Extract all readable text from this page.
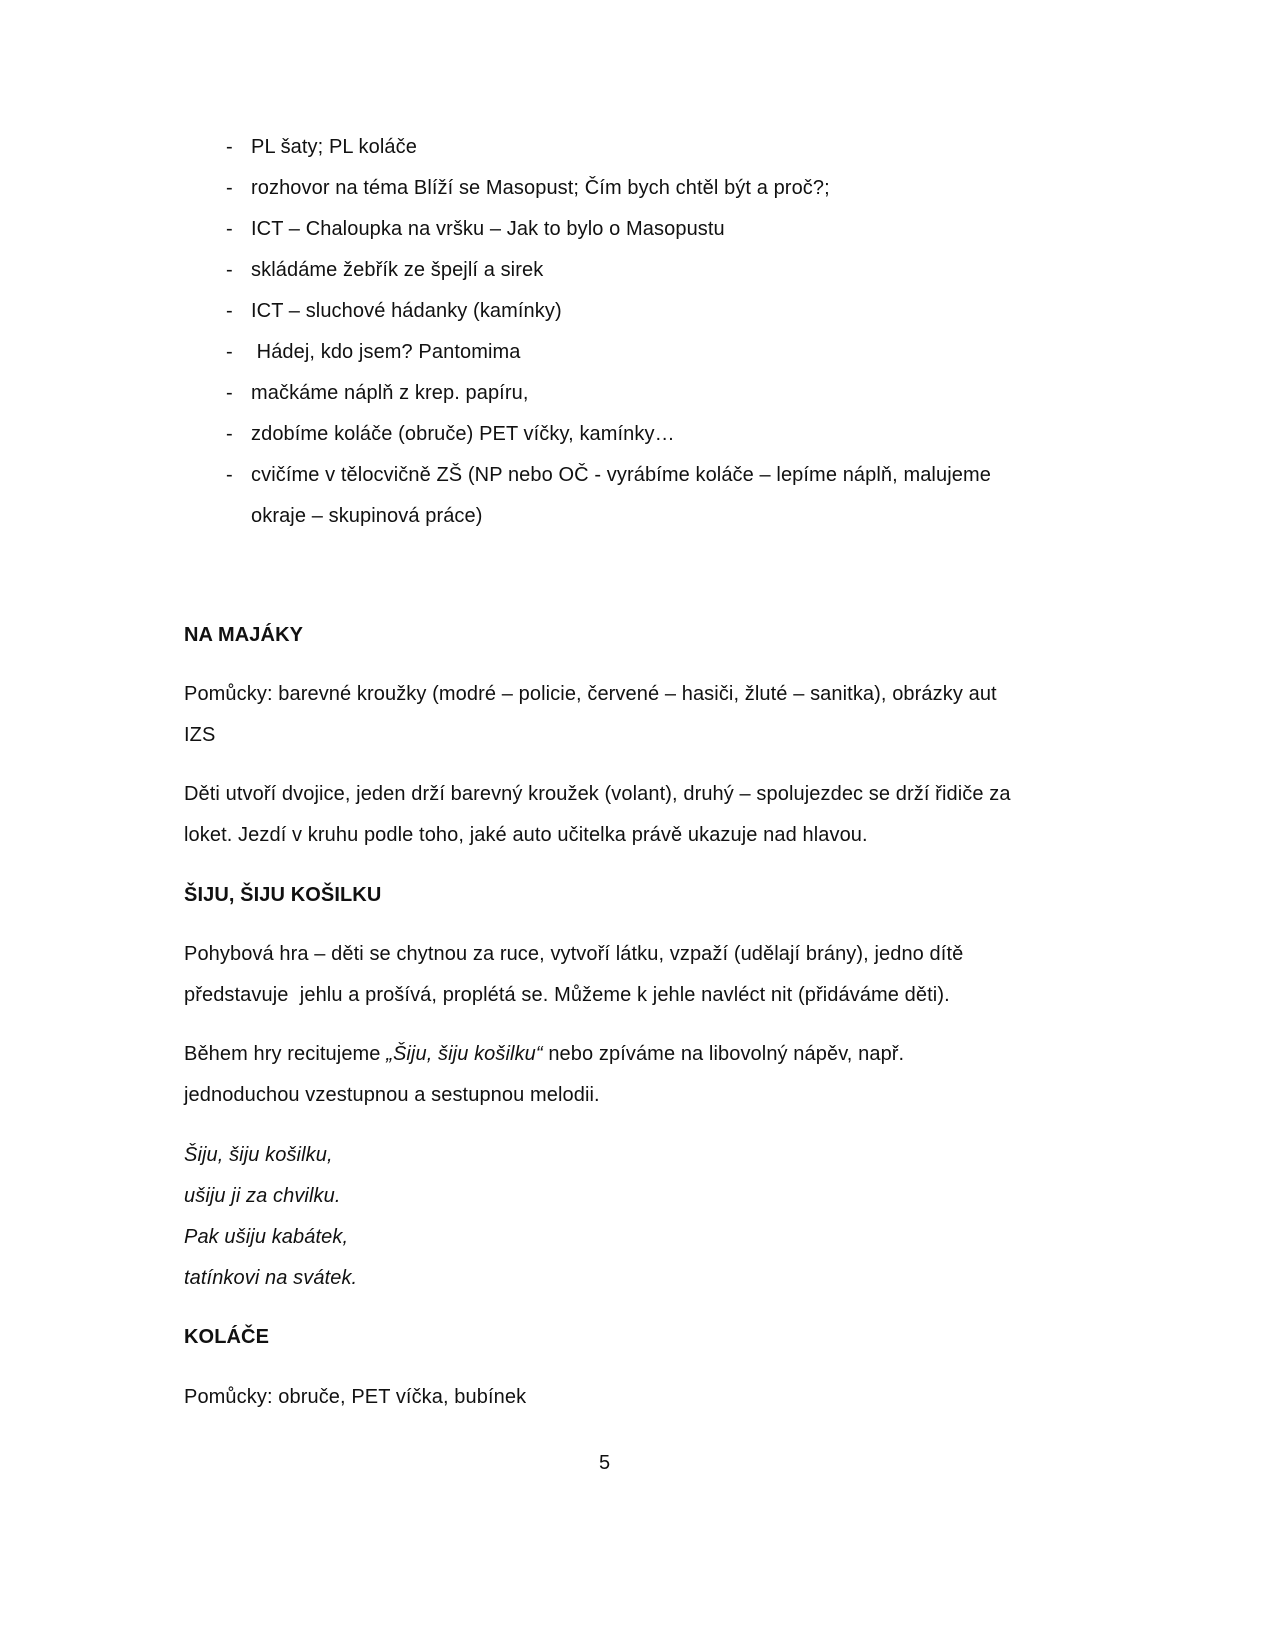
- PL šaty; PL koláče
- rozhovor na téma Blíží se Masopust; Čím bych chtěl být a proč?;
- ICT – Chaloupka na vršku – Jak to bylo o Masopustu
- skládáme žebřík ze špejlí a sirek
- ICT – sluchové hádanky (kamínky)
- Hádej, kdo jsem? Pantomima
- mačkáme náplň z krep. papíru,
- zdobíme koláče (obruče) PET víčky, kamínky…
- cvičíme v tělocvičně ZŠ (NP nebo OČ - vyrábíme koláče – lepíme náplň, malujeme
okraje – skupinová práce)
NA MAJÁKY
Pomůcky: barevné kroužky (modré – policie, červené – hasiči, žluté – sanitka), obrázky aut
IZS
Děti utvoří dvojice, jeden drží barevný kroužek (volant), druhý – spolujezdec se drží řidiče za
loket. Jezdí v kruhu podle toho, jaké auto učitelka právě ukazuje nad hlavou.
ŠIJU, ŠIJU KOŠILKU
Pohybová hra – děti se chytnou za ruce, vytvoří látku, vzpaží (udělají brány), jedno dítě
představuje  jehlu a prošívá, proplétá se. Můžeme k jehle navléct nit (přidáváme děti).
Během hry recitujeme „Šiju, šiju košilku“ nebo zpíváme na libovolný nápěv, např.
jednoduchou vzestupnou a sestupnou melodii.
Šiju, šiju košilku,
ušiju ji za chvilku.
Pak ušiju kabátek,
tatínkovi na svátek.
KOLÁČE
Pomůcky: obruče, PET víčka, bubínek
5
